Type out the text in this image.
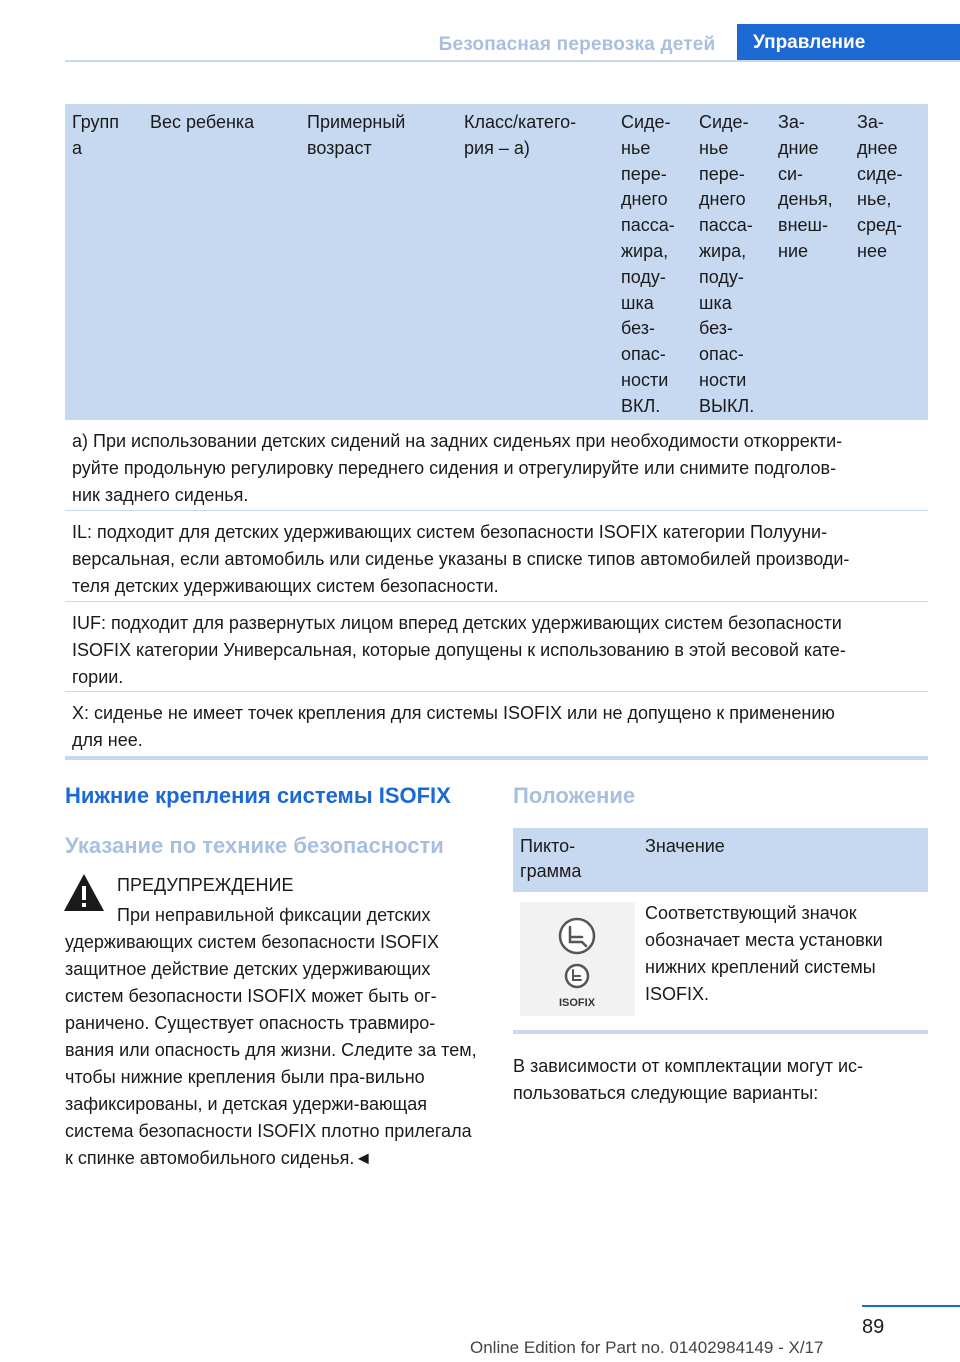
Безопасная перевозка детей	Управление
Групп
а
Вес ребенка	Примерный
возраст
Класс/катего-
рия – a)
Сиде-
нье
пере-
днего
пасса-
жира,
поду-
шка
без-
опас-
ности
ВКЛ.
Сиде-
нье
пере-
днего
пасса-
жира,
поду-
шка
без-
опас-
ности
ВЫКЛ.
За-
дние
си-
денья,
внеш-
ние
За-
днее
сиде-
нье,
сред-
нее
a) При использовании детских сидений на задних сиденьях при необходимости откорректи-
руйте продольную регулировку переднего сидения и отрегулируйте или снимите подголов-
ник заднего сиденья.
IL: подходит для детских удерживающих систем безопасности ISOFIX категории Полууни-
версальная, если автомобиль или сиденье указаны в списке типов автомобилей производи-
теля детских удерживающих систем безопасности.
IUF: подходит для развернутых лицом вперед детских удерживающих систем безопасности
ISOFIX категории Универсальная, которые допущены к использованию в этой весовой кате-
гории.
X: сиденье не имеет точек крепления для системы ISOFIX или не допущено к применению
для нее.
Нижние крепления системы ISOFIX
Указание по технике безопасности
ПРЕДУПРЕЖДЕНИЕ
При неправильной фиксации детских удерживающих систем безопасности ISOFIX защитное действие детских удерживающих систем безопасности ISOFIX может быть ог-раничено. Существует опасность травмиро-вания или опасность для жизни. Следите за тем, чтобы нижние крепления были пра-вильно зафиксированы, и детская удержи-вающая система безопасности ISOFIX плотно прилегала к спинке автомобильного сиденья.◄
Положение
Пикто-
грамма
Значение
ISOFIX
Соответствующий значок обозначает места установки нижних креплений системы ISOFIX.
В зависимости от комплектации могут ис-пользоваться следующие варианты:
89
Online Edition for Part no. 01402984149 - X/17
